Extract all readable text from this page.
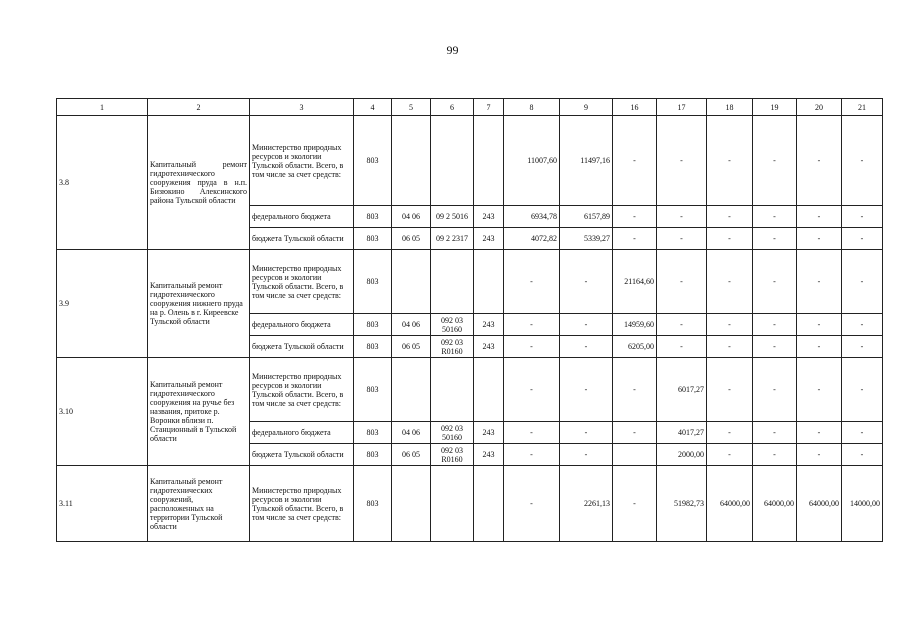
99
1	2	3	4	5	6	7	8	9	16	17	18	19	20	21
3.8	Капитальный ремонт гидротехнического сооружения пруда в н.п. Бизюкино Алексинского района Тульской области	Министерство природных ресурсов и экологии Тульской области. Всего, в том числе за счет средств:	803				11007,60	11497,16	-	-	-	-	-	-
		федерального бюджета	803	04 06	09 2 5016	243	6934,78	6157,89	-	-	-	-	-	-
		бюджета Тульской области	803	06 05	09 2 2317	243	4072,82	5339,27	-	-	-	-	-	-
3.9	Капитальный ремонт гидротехнического сооружения нижнего пруда на р. Олень в г. Киреевске Тульской области	Министерство природных ресурсов и экологии Тульской области. Всего, в том числе за счет средств:	803				-	-	21164,60	-	-	-	-	-
		федерального бюджета	803	04 06	092 03 50160	243	-	-	14959,60	-	-	-	-	-
		бюджета Тульской области	803	06 05	092 03 R0160	243	-	-	6205,00	-	-	-	-	-
3.10	Капитальный ремонт гидротехнического сооружения на ручье без названия, притоке р. Воронки вблизи п. Станционный в Тульской области	Министерство природных ресурсов и экологии Тульской области. Всего, в том числе за счет средств:	803				-	-	-	6017,27	-	-	-	-
		федерального бюджета	803	04 06	092 03 50160	243	-	-	-	4017,27	-	-	-	-
		бюджета Тульской области	803	06 05	092 03 R0160	243	-	-		2000,00	-	-	-	-
3.11	Капитальный ремонт гидротехнических сооружений, расположенных на территории Тульской области	Министерство природных ресурсов и экологии Тульской области. Всего, в том числе за счет средств:	803				-	2261,13	-	51982,73	64000,00	64000,00	64000,00	14000,00
